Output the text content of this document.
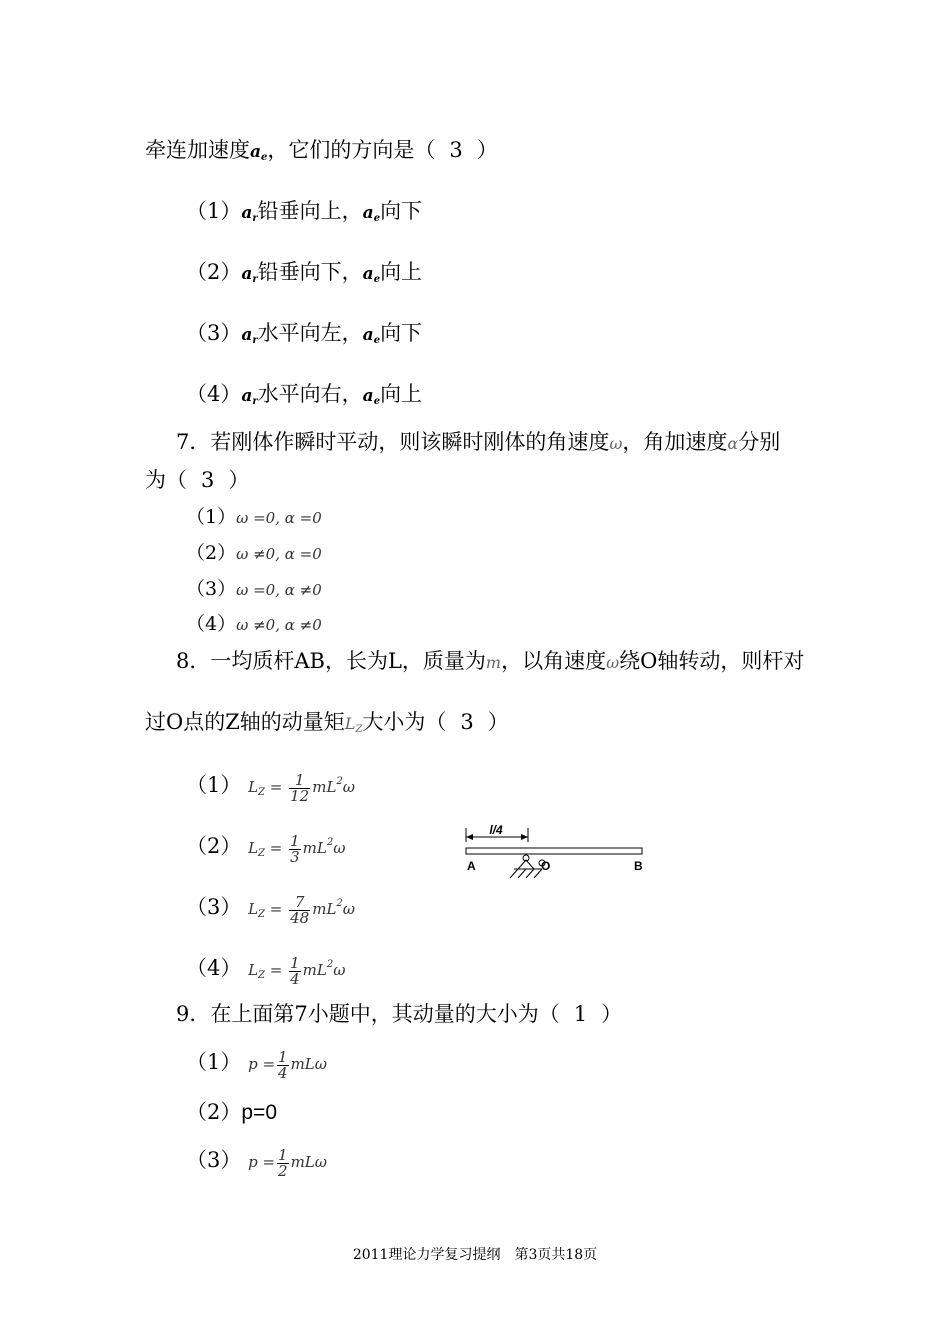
牵连加速度$a_e$，它们的方向是（ 3 ）
$(1)a_r$铅垂向上，$a_e$向下
$(2)a_r$铅垂向下，$a_e$向上
$(3)a_r$水平向左，$a_e$向下
$(4)a_r$水平向右，$a_e$向上
7．若刚体作瞬时平动，则该瞬时刚体的角速度ω，角加速度α分别
为（ 3 ）
（1）ω =0, α =0
（2）ω ≠0, α =0
（3）ω =0, α ≠0
（4）ω ≠0, α ≠0
8．一均质杆AB，长为L，质量为m，以角速度ω绕O轴转动，则杆对
过O点的Z轴的动量矩$L_Z$大小为（ 3 ）
（1） $L_Z = \frac{1}{12} mL^2\omega$
（2） $L_Z = \frac{1}{3} mL^2\omega$
（3） $L_Z = \frac{7}{48} mL^2\omega$
（4） $L_Z = \frac{1}{4} mL^2\omega$
l/4
A	O	B
9．在上面第7小题中，其动量的大小为（ 1 ）
（1） $p = \frac{1}{4}$ mLω
（2）p=0
（3） $p = \frac{1}{2}$ mLω
2011理论力学复习提纲　第3页共18页
